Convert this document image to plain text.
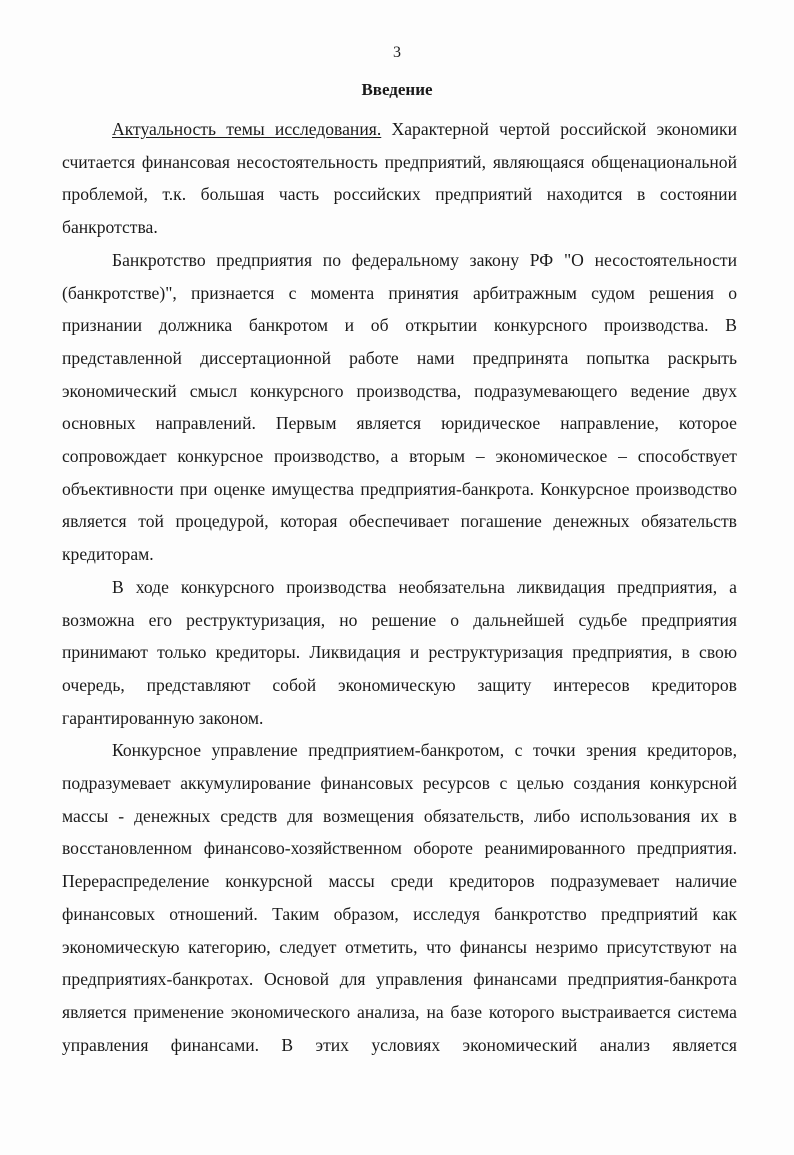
3
Введение

Актуальность темы исследования. Характерной чертой российской экономики считается финансовая несостоятельность предприятий, являющаяся общенациональной проблемой, т.к. большая часть российских предприятий находится в состоянии банкротства.

Банкротство предприятия по федеральному закону РФ "О несостоятельности (банкротстве)", признается с момента принятия арбитражным судом решения о признании должника банкротом и об открытии конкурсного производства. В представленной диссертационной работе нами предпринята попытка раскрыть экономический смысл конкурсного производства, подразумевающего ведение двух основных направлений. Первым является юридическое направление, которое сопровождает конкурсное производство, а вторым – экономическое – способствует объективности при оценке имущества предприятия-банкрота. Конкурсное производство является той процедурой, которая обеспечивает погашение денежных обязательств кредиторам.

В ходе конкурсного производства необязательна ликвидация предприятия, а возможна его реструктуризация, но решение о дальнейшей судьбе предприятия принимают только кредиторы. Ликвидация и реструктуризация предприятия, в свою очередь, представляют собой экономическую защиту интересов кредиторов гарантированную законом.

Конкурсное управление предприятием-банкротом, с точки зрения кредиторов, подразумевает аккумулирование финансовых ресурсов с целью создания конкурсной массы - денежных средств для возмещения обязательств, либо использования их в восстановленном финансово-хозяйственном обороте реанимированного предприятия. Перераспределение конкурсной массы среди кредиторов подразумевает наличие финансовых отношений. Таким образом, исследуя банкротство предприятий как экономическую категорию, следует отметить, что финансы незримо присутствуют на предприятиях-банкротах. Основой для управления финансами предприятия-банкрота является применение экономического анализа, на базе которого выстраивается система управления финансами. В этих условиях экономический анализ является
